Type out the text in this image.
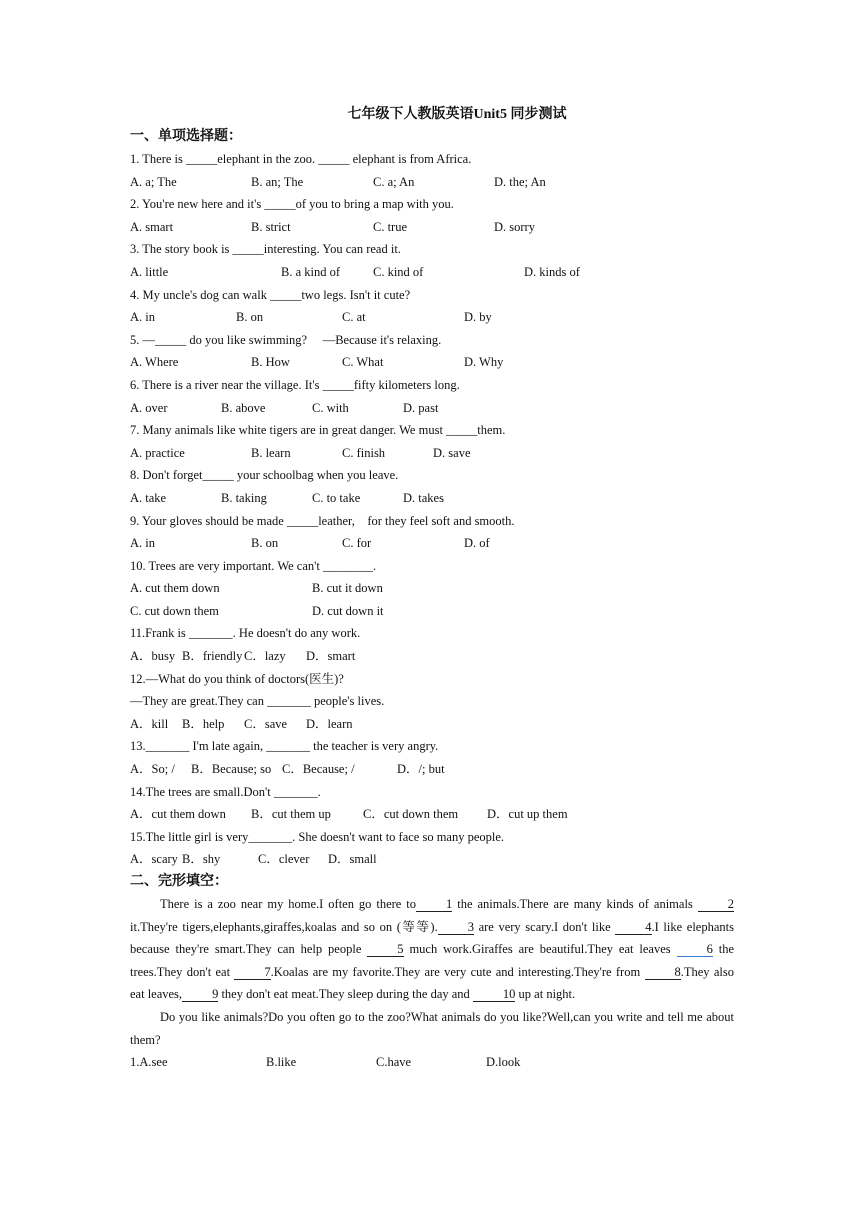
七年级下人教版英语Unit5 同步测试
一、单项选择题：
1. There is _____elephant in the zoo. _____ elephant is from Africa.
A. a; The	B. an; The	C. a; An	D. the; An
2. You're new here and it's _____of you to bring a map with you.
A. smart	B. strict	C. true	D. sorry
3. The story book is _____interesting. You can read it.
A. little	B. a kind of	C. kind of	D. kinds of
4. My uncle's dog can walk _____two legs. Isn't it cute?
A. in	B. on	C. at	D. by
5. —_____ do you like swimming?　 —Because it's relaxing.
A. Where	B. How	C. What	D. Why
6. There is a river near the village. It's _____fifty kilometers long.
A. over	B. above	C. with	D. past
7. Many animals like white tigers are in great danger. We must _____them.
A. practice	B. learn	C. finish	D. save
8. Don't forget_____ your schoolbag when you leave.
A. take	B. taking	C. to take	D. takes
9. Your gloves should be made _____leather,　for they feel soft and smooth.
A. in	B. on	C. for	D. of
10. Trees are very important. We can't ________.
A. cut them down	B. cut it down
C. cut down them	D. cut down it
11.Frank is _______. He doesn't do any work.
A．busy B．friendly C．lazy D．smart
12.—What do you think of doctors(医生)?
—They are great.They can _______ people's lives.
A．kill B．help C．save D．learn
13._______ I'm late again, _______ the teacher is very angry.
A．So; / B．Because; so C．Because; /	D．/; but
14.The trees are small.Don't _______.
A．cut them down B．cut them up	C．cut down them D．cut up them
15.The little girl is very_______. She doesn't want to face so many people.
A．scary B．shy	C．clever D．small
二、完形填空：
There is a zoo near my home.I often go there to 1 the animals.There are many kinds of animals 2 it.They're tigers,elephants,giraffes,koalas and so on (等等). 3 are very scary.I don't like 4.I like elephants because they're smart.They can help people 5 much work.Giraffes are beautiful.They eat leaves 6 the trees.They don't eat 7.Koalas are my favorite.They are very cute and interesting.They're from 8.They also eat leaves, 9 they don't eat meat.They sleep during the day and 10 up at night.
Do you like animals?Do you often go to the zoo?What animals do you like?Well,can you write and tell me about them?
1.A.see	B.like	C.have	D.look
